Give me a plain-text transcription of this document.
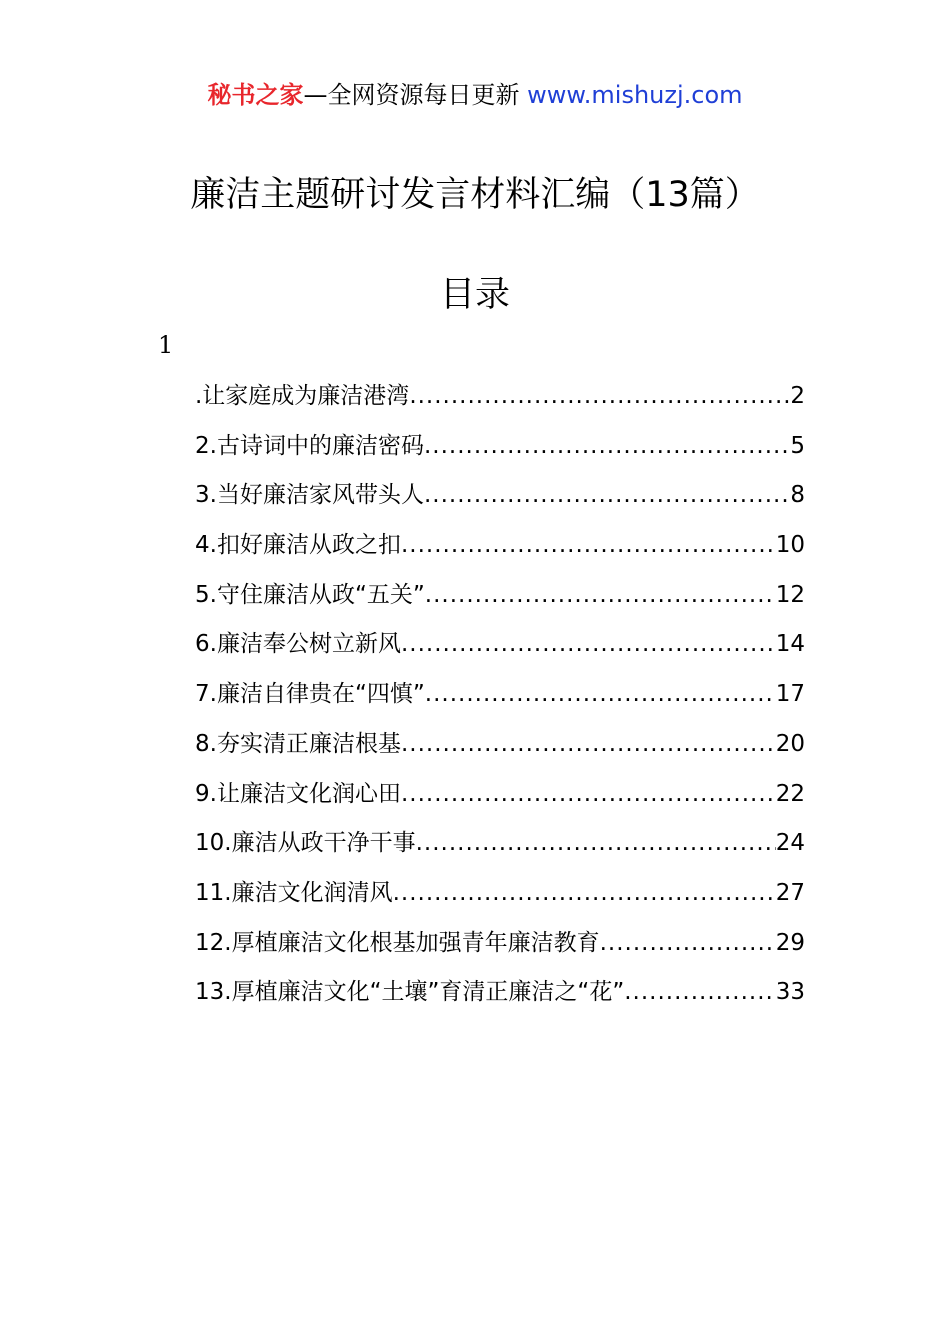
秘书之家—全网资源每日更新 www.mishuzj.com
廉洁主题研讨发言材料汇编（13篇）
目录
1
.让家庭成为廉洁港湾 .....	2
2.古诗词中的廉洁密码 .....	5
3.当好廉洁家风带头人 .....	8
4.扣好廉洁从政之扣 .....	10
5.守住廉洁从政“五关” .....	12
6.廉洁奉公树立新风 .....	14
7.廉洁自律贵在“四慎” .....	17
8.夯实清正廉洁根基 .....	20
9.让廉洁文化润心田 .....	22
10.廉洁从政干净干事 .....	24
11.廉洁文化润清风 .....	27
12.厚植廉洁文化根基加强青年廉洁教育 .....	29
13.厚植廉洁文化“土壤”育清正廉洁之“花” .....	33
